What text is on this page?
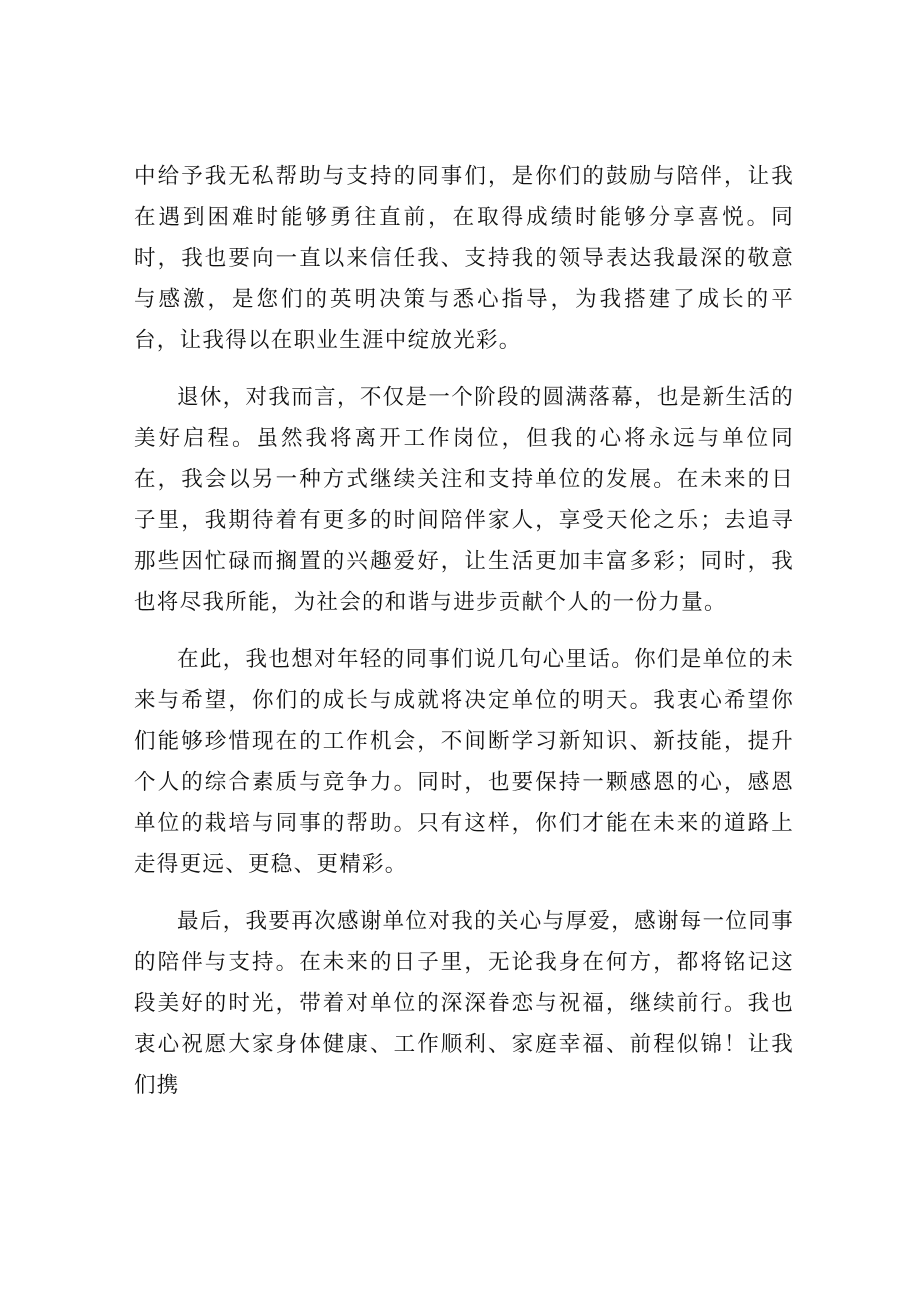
中给予我无私帮助与支持的同事们，是你们的鼓励与陪伴，让我在遇到困难时能够勇往直前，在取得成绩时能够分享喜悦。同时，我也要向一直以来信任我、支持我的领导表达我最深的敬意与感激，是您们的英明决策与悉心指导，为我搭建了成长的平台，让我得以在职业生涯中绽放光彩。

退休，对我而言，不仅是一个阶段的圆满落幕，也是新生活的美好启程。虽然我将离开工作岗位，但我的心将永远与单位同在，我会以另一种方式继续关注和支持单位的发展。在未来的日子里，我期待着有更多的时间陪伴家人，享受天伦之乐；去追寻那些因忙碌而搁置的兴趣爱好，让生活更加丰富多彩；同时，我也将尽我所能，为社会的和谐与进步贡献个人的一份力量。

在此，我也想对年轻的同事们说几句心里话。你们是单位的未来与希望，你们的成长与成就将决定单位的明天。我衷心希望你们能够珍惜现在的工作机会，不间断学习新知识、新技能，提升个人的综合素质与竞争力。同时，也要保持一颗感恩的心，感恩单位的栽培与同事的帮助。只有这样，你们才能在未来的道路上走得更远、更稳、更精彩。

最后，我要再次感谢单位对我的关心与厚爱，感谢每一位同事的陪伴与支持。在未来的日子里，无论我身在何方，都将铭记这段美好的时光，带着对单位的深深眷恋与祝福，继续前行。我也衷心祝愿大家身体健康、工作顺利、家庭幸福、前程似锦！让我们携
